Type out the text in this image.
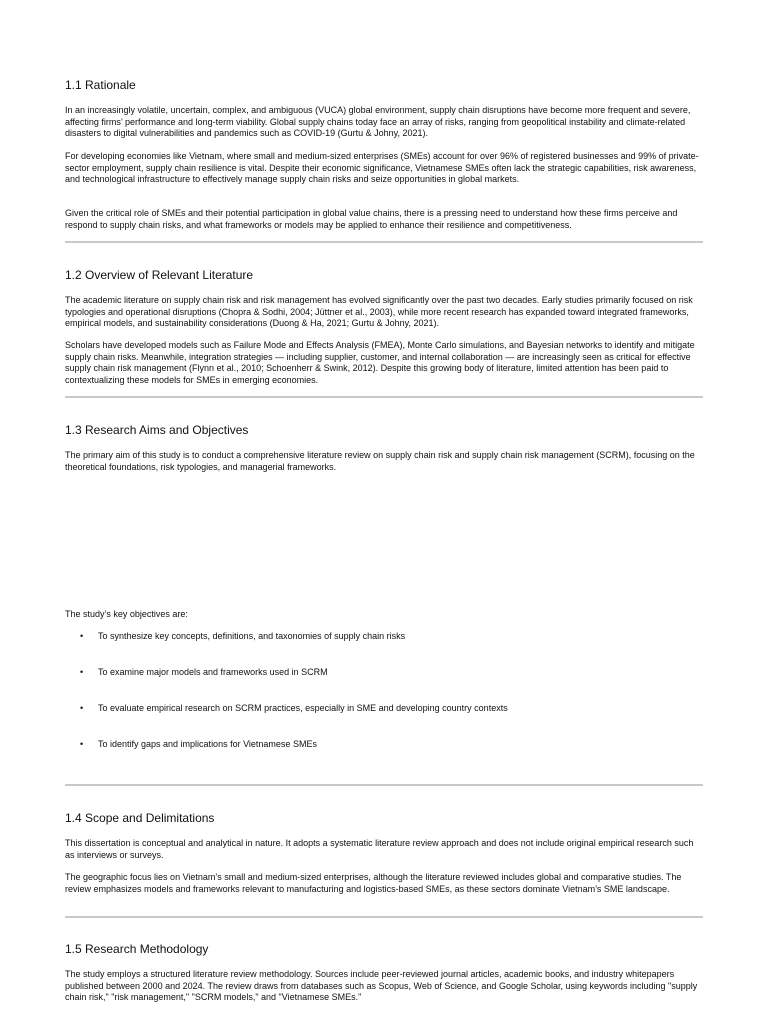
1.1 Rationale

In an increasingly volatile, uncertain, complex, and ambiguous (VUCA) global environment, supply chain disruptions have become more frequent and severe, affecting firms’ performance and long-term viability. Global supply chains today face an array of risks, ranging from geopolitical instability and climate-related disasters to digital vulnerabilities and pandemics such as COVID-19 (Gurtu & Johny, 2021).

For developing economies like Vietnam, where small and medium-sized enterprises (SMEs) account for over 96% of registered businesses and 99% of private-sector employment, supply chain resilience is vital. Despite their economic significance, Vietnamese SMEs often lack the strategic capabilities, risk awareness, and technological infrastructure to effectively manage supply chain risks and seize opportunities in global markets.

Given the critical role of SMEs and their potential participation in global value chains, there is a pressing need to understand how these firms perceive and respond to supply chain risks, and what frameworks or models may be applied to enhance their resilience and competitiveness.

1.2 Overview of Relevant Literature

The academic literature on supply chain risk and risk management has evolved significantly over the past two decades. Early studies primarily focused on risk typologies and operational disruptions (Chopra & Sodhi, 2004; Jüttner et al., 2003), while more recent research has expanded toward integrated frameworks, empirical models, and sustainability considerations (Duong & Ha, 2021; Gurtu & Johny, 2021).

Scholars have developed models such as Failure Mode and Effects Analysis (FMEA), Monte Carlo simulations, and Bayesian networks to identify and mitigate supply chain risks. Meanwhile, integration strategies — including supplier, customer, and internal collaboration — are increasingly seen as critical for effective supply chain risk management (Flynn et al., 2010; Schoenherr & Swink, 2012). Despite this growing body of literature, limited attention has been paid to contextualizing these models for SMEs in emerging economies.

1.3 Research Aims and Objectives

The primary aim of this study is to conduct a comprehensive literature review on supply chain risk and supply chain risk management (SCRM), focusing on the theoretical foundations, risk typologies, and managerial frameworks.

The study’s key objectives are:

• To synthesize key concepts, definitions, and taxonomies of supply chain risks
• To examine major models and frameworks used in SCRM
• To evaluate empirical research on SCRM practices, especially in SME and developing country contexts
• To identify gaps and implications for Vietnamese SMEs
1.4 Scope and Delimitations

This dissertation is conceptual and analytical in nature. It adopts a systematic literature review approach and does not include original empirical research such as interviews or surveys.

The geographic focus lies on Vietnam’s small and medium-sized enterprises, although the literature reviewed includes global and comparative studies. The review emphasizes models and frameworks relevant to manufacturing and logistics-based SMEs, as these sectors dominate Vietnam’s SME landscape.

1.5 Research Methodology

The study employs a structured literature review methodology. Sources include peer-reviewed journal articles, academic books, and industry whitepapers published between 2000 and 2024. The review draws from databases such as Scopus, Web of Science, and Google Scholar, using keywords including "supply chain risk," "risk management," "SCRM models," and "Vietnamese SMEs."
